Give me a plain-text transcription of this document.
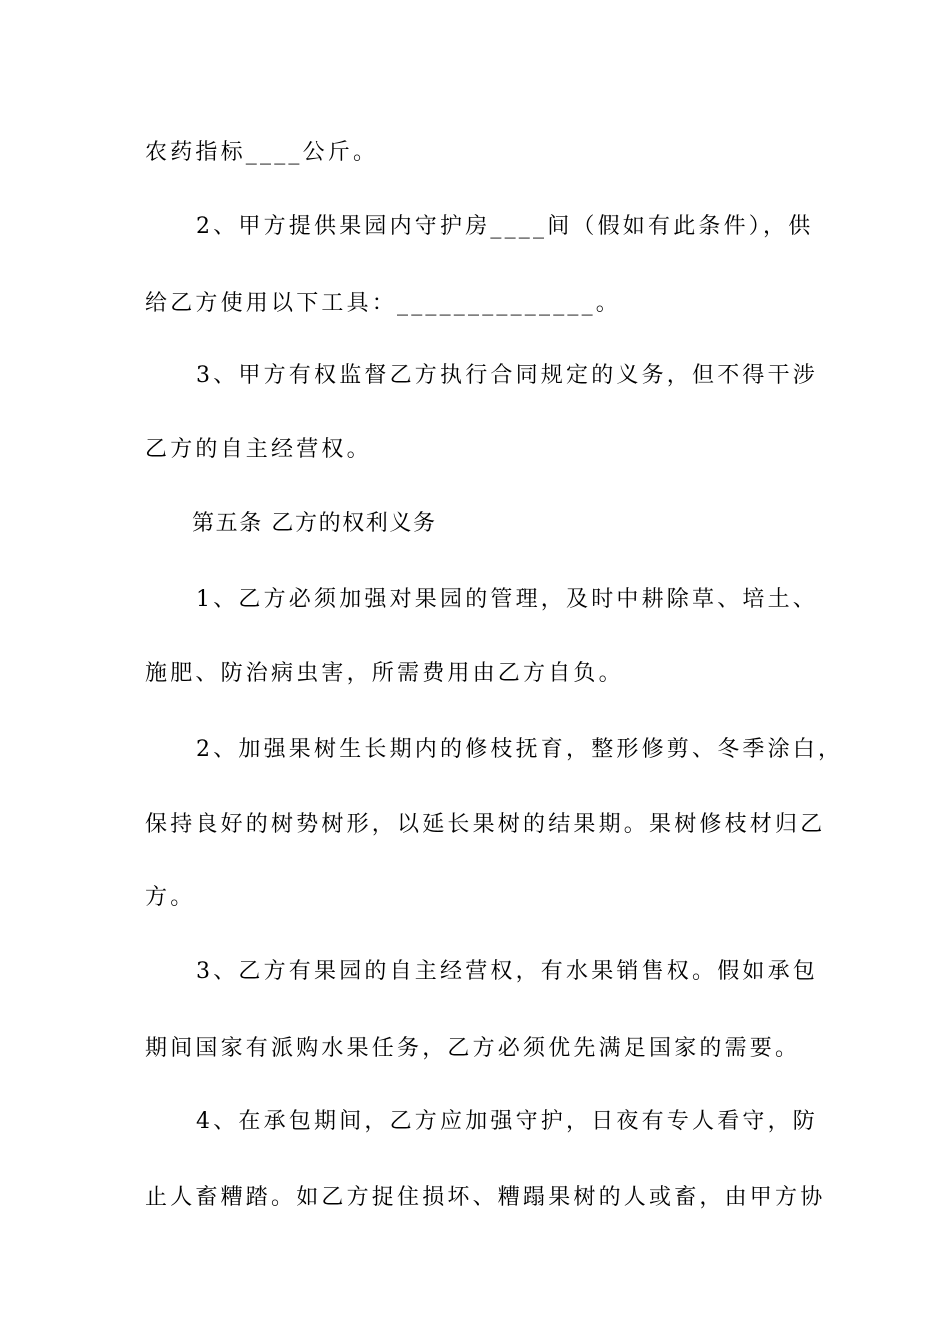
农药指标____公斤。
2、甲方提供果园内守护房____间（假如有此条件），供
给乙方使用以下工具：______________。
3、甲方有权监督乙方执行合同规定的义务，但不得干涉
乙方的自主经营权。
第五条 乙方的权利义务
1、乙方必须加强对果园的管理，及时中耕除草、培土、
施肥、防治病虫害，所需费用由乙方自负。
2、加强果树生长期内的修枝抚育，整形修剪、冬季涂白，
保持良好的树势树形，以延长果树的结果期。果树修枝材归乙
方。
3、乙方有果园的自主经营权，有水果销售权。假如承包
期间国家有派购水果任务，乙方必须优先满足国家的需要。
4、在承包期间，乙方应加强守护，日夜有专人看守，防
止人畜糟踏。如乙方捉住损坏、糟蹋果树的人或畜，由甲方协
